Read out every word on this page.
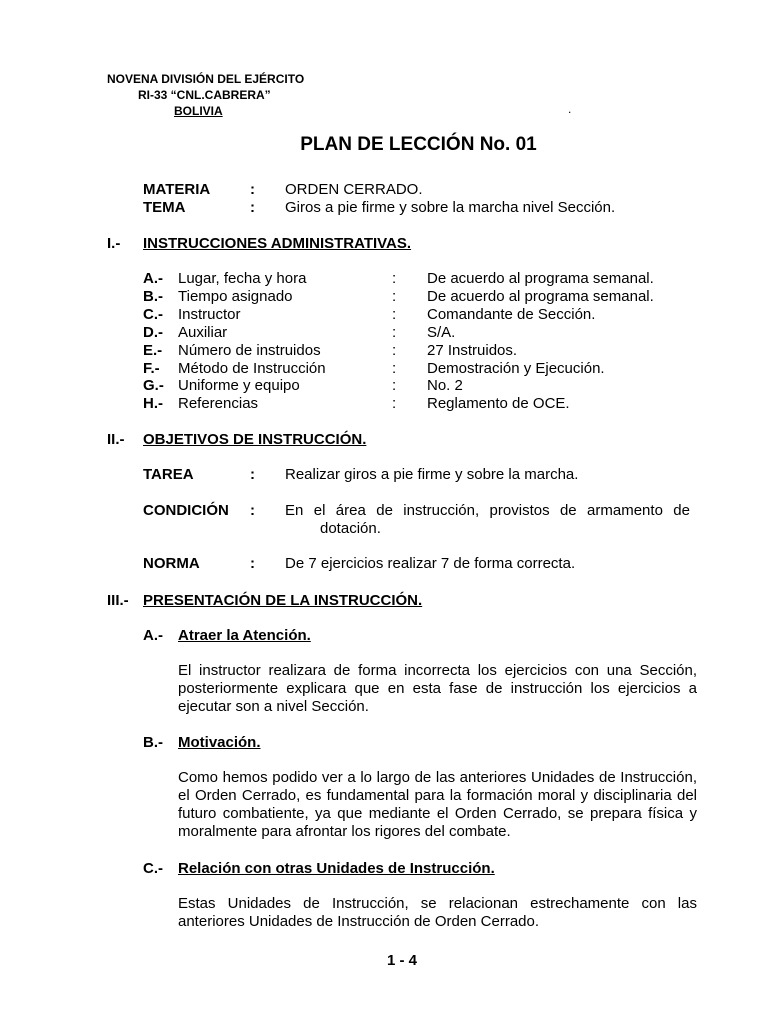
NOVENA DIVISIÓN DEL EJÉRCITO
RI-33 “CNL.CABRERA”
BOLIVIA	.
PLAN DE LECCIÓN No. 01
MATERIA	: ORDEN CERRADO.
TEMA	: Giros a pie firme y sobre la marcha nivel Sección.
I.- INSTRUCCIONES ADMINISTRATIVAS.
A.- Lugar, fecha y hora	: De acuerdo al programa semanal.
B.- Tiempo asignado	: De acuerdo al programa semanal.
C.- Instructor	: Comandante de Sección.
D.- Auxiliar	: S/A.
E.- Número de instruidos	: 27 Instruidos.
F.- Método de Instrucción	: Demostración y Ejecución.
G.- Uniforme y equipo	: No. 2
H.- Referencias	: Reglamento de OCE.
II.- OBJETIVOS DE INSTRUCCIÓN.
TAREA	: Realizar giros a pie firme y sobre la marcha.
CONDICIÓN : En el área de instrucción, provistos de armamento de
dotación.
NORMA	: De 7 ejercicios realizar 7 de forma correcta.
III.- PRESENTACIÓN DE LA INSTRUCCIÓN.
A.- Atraer la Atención.
El instructor realizara de forma incorrecta los ejercicios con una Sección,
posteriormente explicara que en esta fase de instrucción los ejercicios a
ejecutar son a nivel Sección.
B.- Motivación.
Como hemos podido ver a lo largo de las anteriores Unidades de Instrucción,
el Orden Cerrado, es fundamental para la formación moral y disciplinaria del
futuro combatiente, ya que mediante el Orden Cerrado, se prepara física y
moralmente para afrontar los rigores del combate.
C.- Relación con otras Unidades de Instrucción.
Estas Unidades de Instrucción, se relacionan estrechamente con las
anteriores Unidades de Instrucción de Orden Cerrado.
1 - 4
